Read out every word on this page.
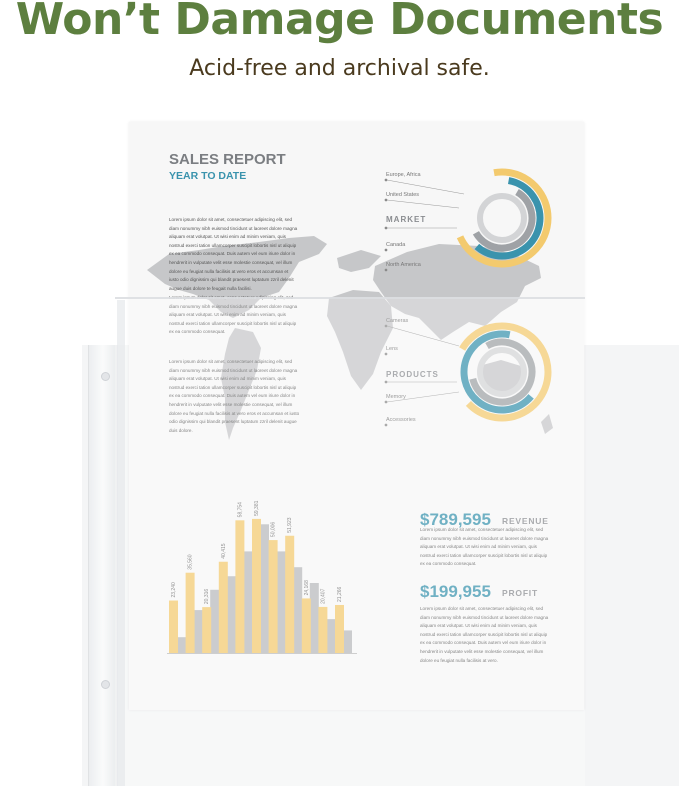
Won’t Damage Documents
Acid-free and archival safe.
SALES REPORT
YEAR TO DATE	Europe, Africa
United States
MARKET
Canada
North America
Cameras
Lens
PRODUCTS
Memory
Accessories
23,240
35,560
20,316
40,415
58,754 59,381
50,006 51,923
24,168
20,407 21,266
$789,595 REVENUE
$199,955 PROFIT
Lorem ipsum dolor sit amet, consectetuer adipiscing elit, sed diam nonummy nibh euismod tincidunt ut laoreet dolore magna aliquam erat volutpat. Ut wisi enim ad minim veniam, quis nostrud exerci tation ullamcorper suscipit lobortis nisl ut aliquip ex ea commodo consequat. Duis autem vel eum iriure dolor in hendrerit in vulputate velit esse molestie consequat, vel illum dolore eu feugiat nulla facilisis at vero eros et accumsan et iusto odio dignissim qui blandit praesent luptatum zzril delenit augue duis dolore te feugait nulla facilisi.
Lorem ipsum dolor sit amet, cons ectetuer adipiscing elit, sed diam nonummy nibh euismod tincidunt ut laoreet dolore magna aliquam erat volutpat. Ut wisi enim ad minim veniam, quis nostrud exerci tation ullamcorper suscipit lobortis nisl ut aliquip ex ea commodo consequat.
Lorem ipsum dolor sit amet, consectetuer adipiscing elit, sed diam nonummy nibh euismod tincidunt ut laoreet dolore magna aliquam erat volutpat. Ut wisi enim ad minim veniam, quis nostrud exerci tation ullamcorper suscipit lobortis nisl ut aliquip ex ea commodo consequat. Duis autem vel eum iriure dolor in hendrerit in vulputate velit esse molestie consequat, vel illum dolore eu feugiat nulla facilisis at vero eros et accumsan et iusto odio dignissim qui blandit praesent luptatum zzril delenit augue duis dolore.
Lorem ipsum dolor sit amet, consectetuer adipiscing elit, sed diam nonummy nibh euismod tincidunt ut laoreet dolore magna aliquam erat volutpat. Ut wisi enim ad minim veniam, quis nostrud exerci tation ullamcorper suscipit lobortis nisl ut aliquip ex ea commodo consequat.
Lorem ipsum dolor sit amet, consectetuer adipiscing elit, sed diam nonummy nibh euismod tincidunt ut laoreet dolore magna aliquam erat volutpat. Ut wisi enim ad minim veniam, quis nostrud exerci tation ullamcorper suscipit lobortis nisl ut aliquip ex ea commodo consequat. Duis autem vel eum iriure dolor in hendrerit in vulputate velit esse molestie consequat, vel illum dolore eu feugiat nulla facilisis at vero.
